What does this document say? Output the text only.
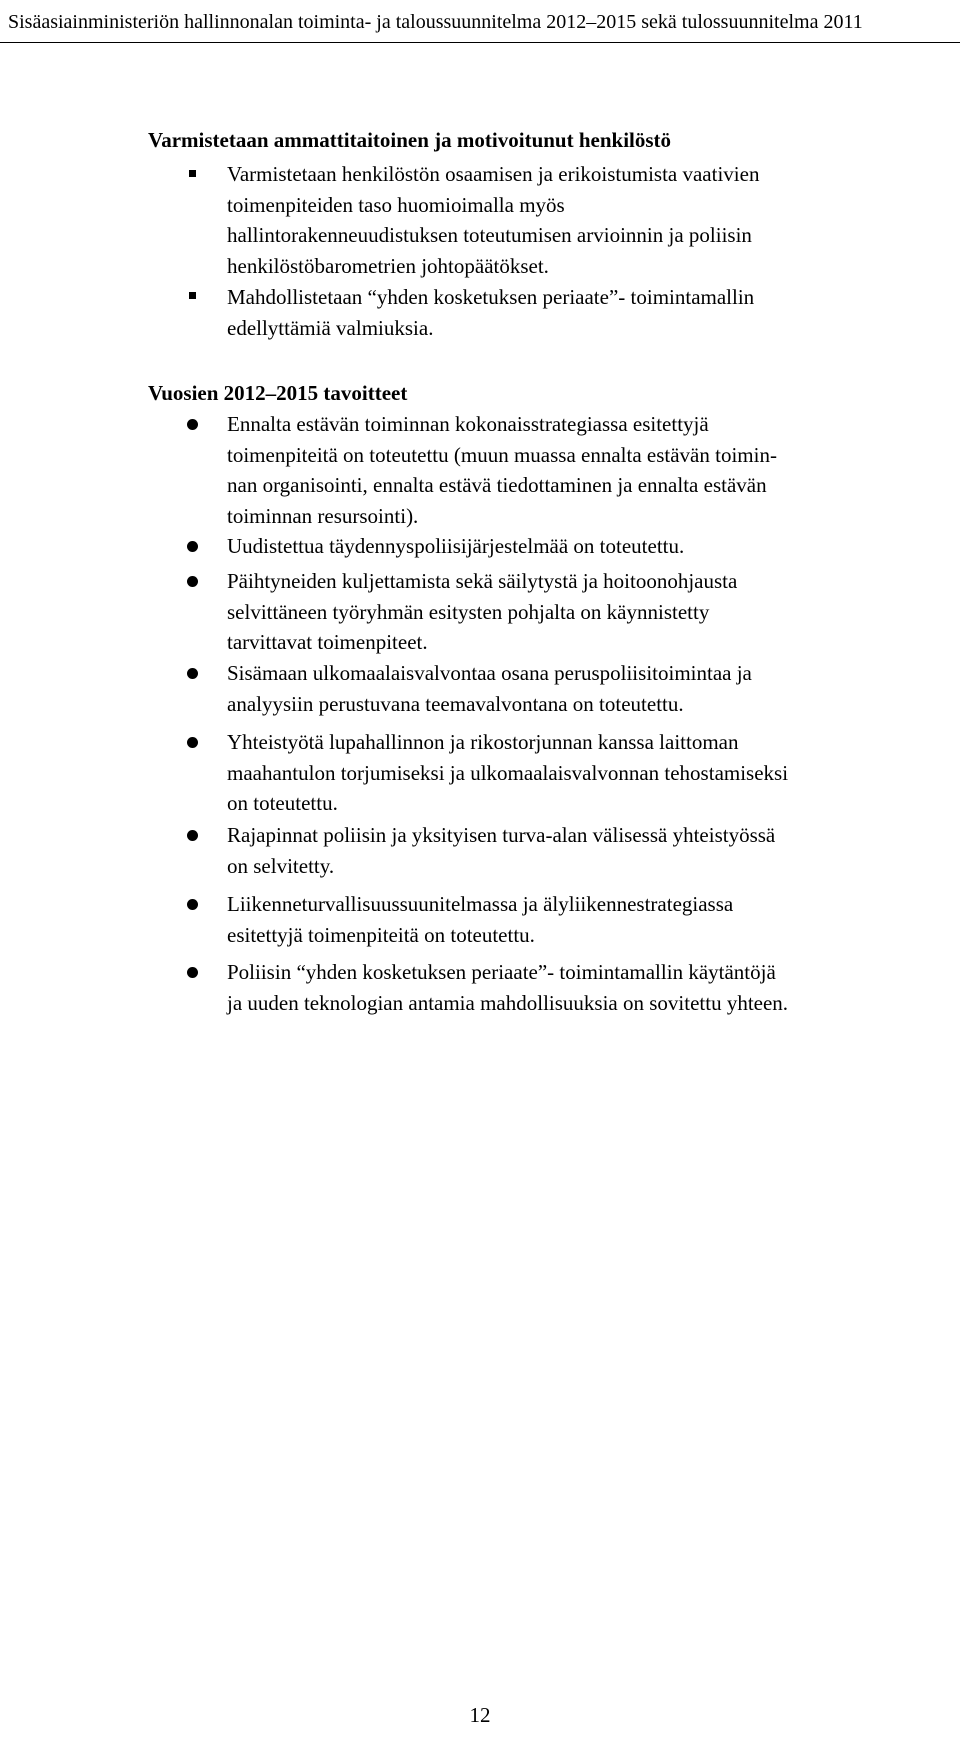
Sisäasiainministeriön hallinnonalan toiminta- ja taloussuunnitelma 2012–2015 sekä tulossuunnitelma 2011
Varmistetaan ammattitaitoinen ja motivoitunut henkilöstö
Varmistetaan henkilöstön osaamisen ja erikoistumista vaativien
toimenpiteiden taso huomioimalla myös
hallintorakenneuudistuksen toteutumisen arvioinnin ja poliisin
henkilöstöbarometrien johtopäätökset.
Mahdollistetaan “yhden kosketuksen periaate”- toimintamallin
edellyttämiä valmiuksia.
Vuosien 2012–2015 tavoitteet
Ennalta estävän toiminnan kokonaisstrategiassa esitettyjä
toimenpiteitä on toteutettu (muun muassa ennalta estävän toimin-
nan organisointi, ennalta estävä tiedottaminen ja ennalta estävän
toiminnan resursointi).
Uudistettua täydennyspoliisijärjestelmää on toteutettu.
Päihtyneiden kuljettamista sekä säilytystä ja hoitoonohjausta
selvittäneen työryhmän esitysten pohjalta on käynnistetty
tarvittavat toimenpiteet.
Sisämaan ulkomaalaisvalvontaa osana peruspoliisitoimintaa ja
analyysiin perustuvana teemavalvontana on toteutettu.
Yhteistyötä lupahallinnon ja rikostorjunnan kanssa laittoman
maahantulon torjumiseksi ja ulkomaalaisvalvonnan tehostamiseksi
on toteutettu.
Rajapinnat poliisin ja yksityisen turva-alan välisessä yhteistyössä
on selvitetty.
Liikenneturvallisuussuunitelmassa ja älyliikennestrategiassa
esitettyjä toimenpiteitä on toteutettu.
Poliisin “yhden kosketuksen periaate”- toimintamallin käytäntöjä
ja uuden teknologian antamia mahdollisuuksia on sovitettu yhteen.
12
